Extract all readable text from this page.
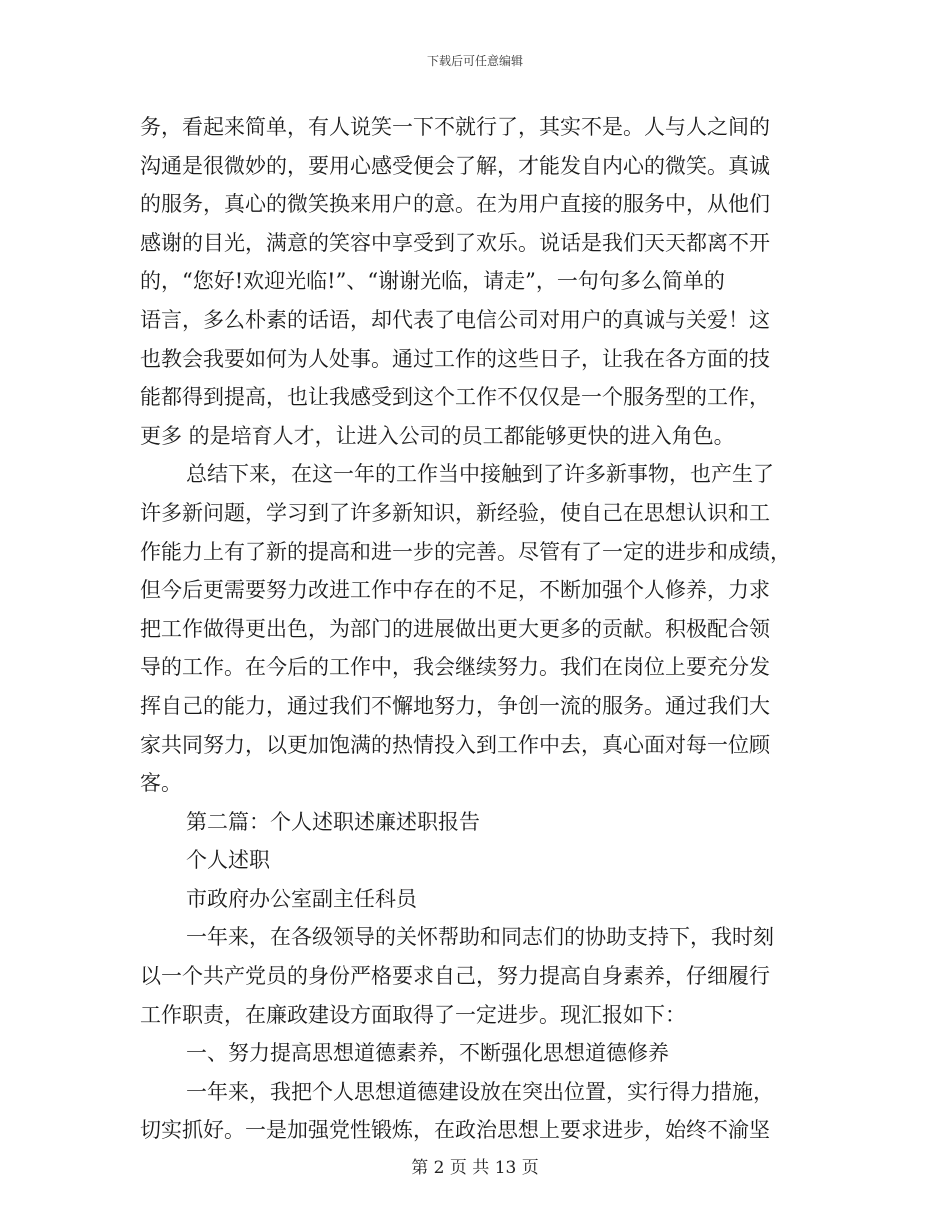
下载后可任意编辑
务，看起来简单，有人说笑一下不就行了，其实不是。人与人之间的
沟通是很微妙的，要用心感受便会了解，才能发自内心的微笑。真诚
的服务，真心的微笑换来用户的意。在为用户直接的服务中，从他们
感谢的目光，满意的笑容中享受到了欢乐。说话是我们天天都离不开
的，“您好!欢迎光临!”、“谢谢光临，请走”，一句句多么简单的
语言，多么朴素的话语，却代表了电信公司对用户的真诚与关爱！这
也教会我要如何为人处事。通过工作的这些日子，让我在各方面的技
能都得到提高，也让我感受到这个工作不仅仅是一个服务型的工作，
更多 的是培育人才，让进入公司的员工都能够更快的进入角色。
总结下来，在这一年的工作当中接触到了许多新事物，也产生了
许多新问题，学习到了许多新知识，新经验，使自己在思想认识和工
作能力上有了新的提高和进一步的完善。尽管有了一定的进步和成绩，
但今后更需要努力改进工作中存在的不足，不断加强个人修养，力求
把工作做得更出色，为部门的进展做出更大更多的贡献。积极配合领
导的工作。在今后的工作中，我会继续努力。我们在岗位上要充分发
挥自己的能力，通过我们不懈地努力，争创一流的服务。通过我们大
家共同努力，以更加饱满的热情投入到工作中去，真心面对每一位顾
客。
第二篇：个人述职述廉述职报告
个人述职
市政府办公室副主任科员
一年来，在各级领导的关怀帮助和同志们的协助支持下，我时刻
以一个共产党员的身份严格要求自己，努力提高自身素养，仔细履行
工作职责，在廉政建设方面取得了一定进步。现汇报如下：
一、努力提高思想道德素养，不断强化思想道德修养
一年来，我把个人思想道德建设放在突出位置，实行得力措施，
切实抓好。一是加强党性锻炼，在政治思想上要求进步，始终不渝坚
第 2 页 共 13 页
